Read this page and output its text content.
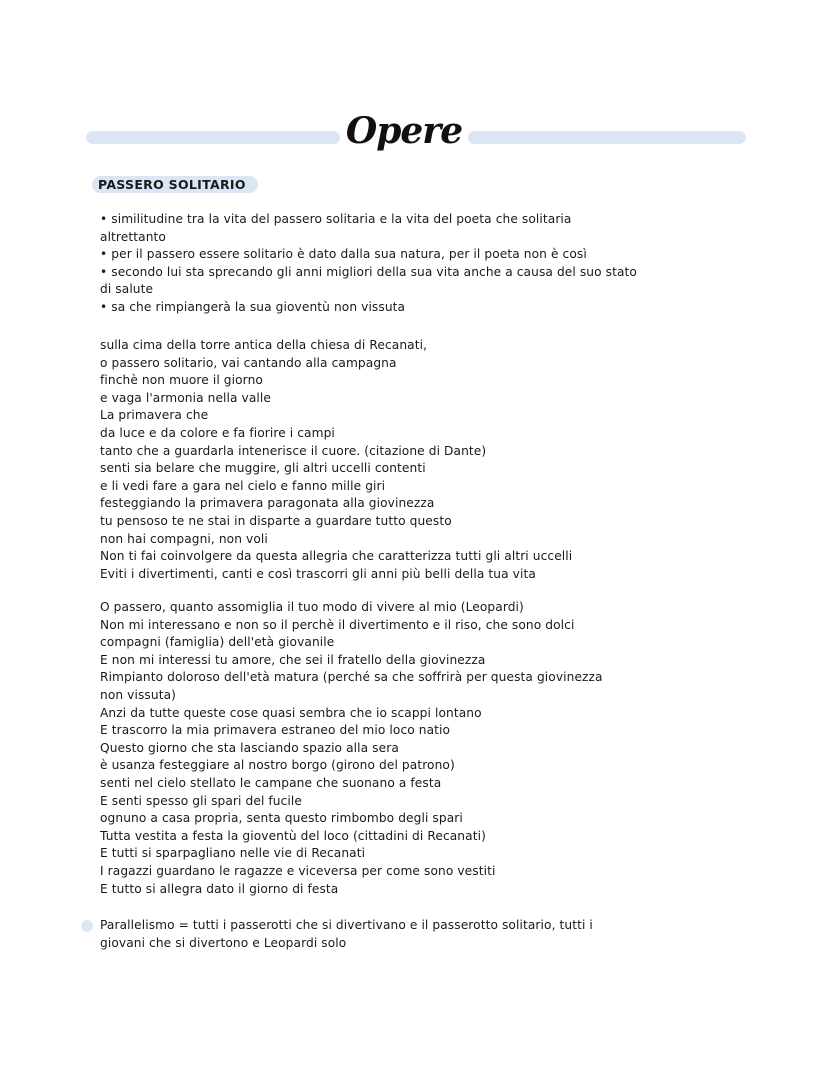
Opere
PASSERO SOLITARIO
• similitudine tra la vita del passero solitaria e la vita del poeta che solitaria
altrettanto
• per il passero essere solitario è dato dalla sua natura, per il poeta non è così
• secondo lui sta sprecando gli anni migliori della sua vita anche a causa del suo stato
di salute
• sa che rimpiangerà la sua gioventù non vissuta
sulla cima della torre antica della chiesa di Recanati,
o passero solitario, vai cantando alla campagna
finchè non muore il giorno
e vaga l'armonia nella valle
La primavera che
da luce e da colore e fa fiorire i campi
tanto che a guardarla intenerisce il cuore. (citazione di Dante)
senti sia belare che muggire, gli altri uccelli contenti
e li vedi fare a gara nel cielo e fanno mille giri
festeggiando la primavera paragonata alla giovinezza
tu pensoso te ne stai in disparte a guardare tutto questo
non hai compagni, non voli
Non ti fai coinvolgere da questa allegria che caratterizza tutti gli altri uccelli
Eviti i divertimenti, canti e così trascorri gli anni più belli della tua vita
O passero, quanto assomiglia il tuo modo di vivere al mio (Leopardi)
Non mi interessano e non so il perchè il divertimento e il riso, che sono dolci
compagni (famiglia) dell'età giovanile
E non mi interessi tu amore, che sei il fratello della giovinezza
Rimpianto doloroso dell'età matura (perché sa che soffrirà per questa giovinezza
non vissuta)
Anzi da tutte queste cose quasi sembra che io scappi lontano
E trascorro la mia primavera estraneo del mio loco natio
Questo giorno che sta lasciando spazio alla sera
è usanza festeggiare al nostro borgo (girono del patrono)
senti nel cielo stellato le campane che suonano a festa
E senti spesso gli spari del fucile
ognuno a casa propria, senta questo rimbombo degli spari
Tutta vestita a festa la gioventù del loco (cittadini di Recanati)
E tutti si sparpagliano nelle vie di Recanati
I ragazzi guardano le ragazze e viceversa per come sono vestiti
E tutto si allegra dato il giorno di festa
Parallelismo = tutti i passerotti che si divertivano e il passerotto solitario, tutti i
giovani che si divertono e Leopardi solo
